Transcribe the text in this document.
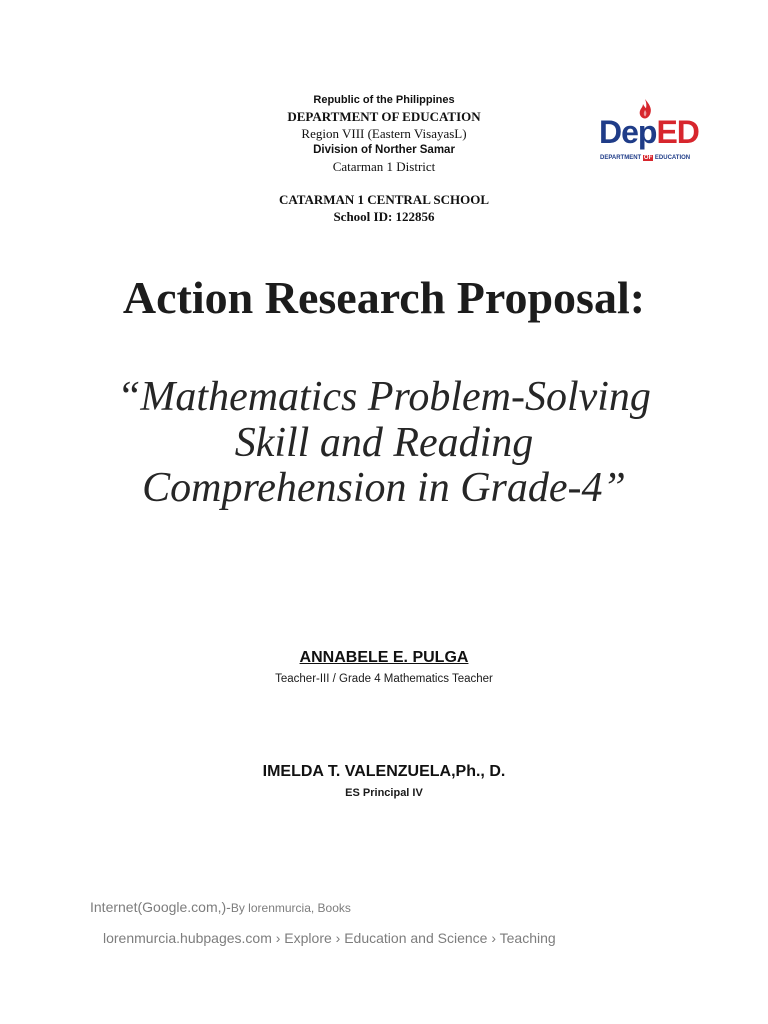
Republic of the Philippines
DEPARTMENT OF EDUCATION
Region VIII (Eastern VisayasL)
Division of Norther Samar
Catarman 1 District
CATARMAN 1 CENTRAL SCHOOL
School ID: 122856
DepED
DEPARTMENT OF EDUCATION
Action Research Proposal:
“Mathematics Problem-Solving
Skill and Reading
Comprehension in Grade-4”
ANNABELE E. PULGA
Teacher-III / Grade 4 Mathematics Teacher
IMELDA T. VALENZUELA,Ph., D.
ES Principal IV
Internet(Google.com,)-By lorenmurcia, Books
lorenmurcia.hubpages.com › Explore › Education and Science › Teaching
